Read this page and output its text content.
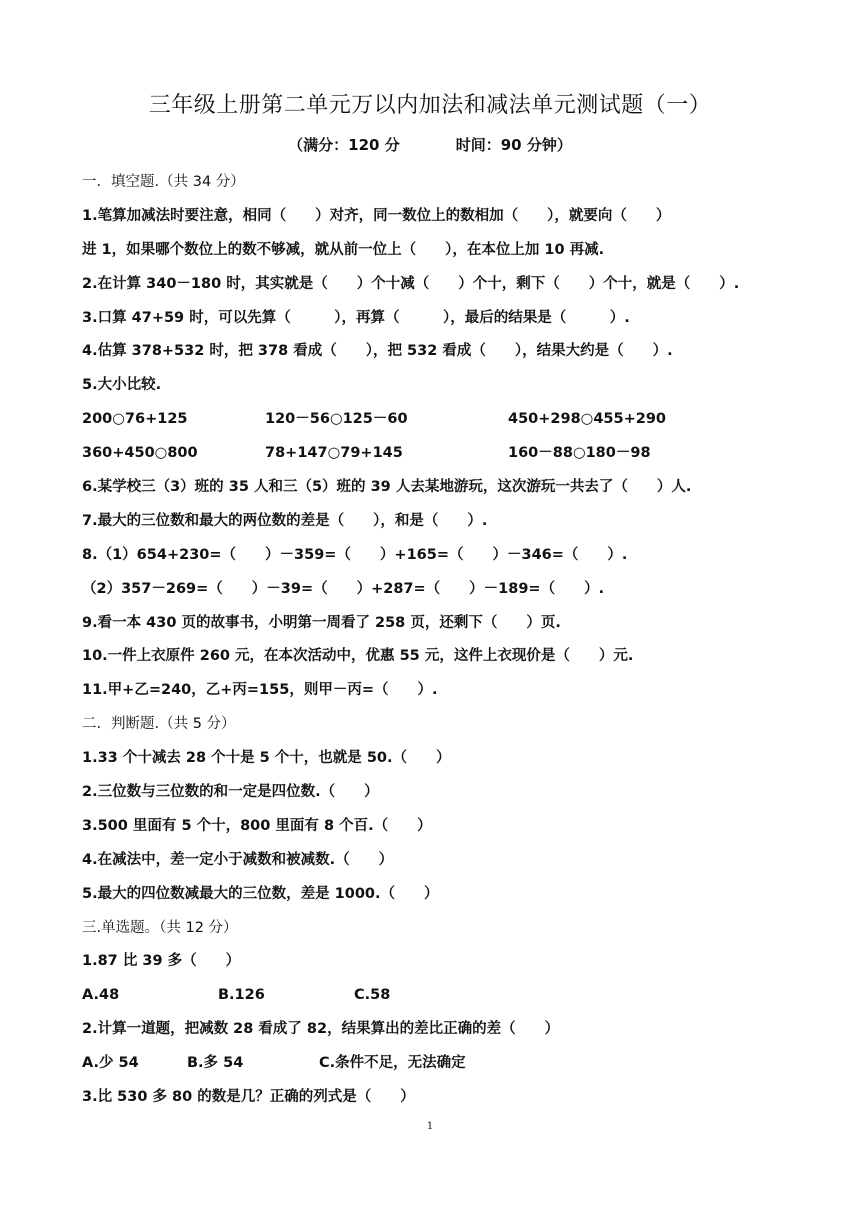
三年级上册第二单元万以内加法和减法单元测试题（一）
（满分：120 分	时间：90 分钟）
一．填空题.（共 34 分）
1.笔算加减法时要注意，相同（　　）对齐，同一数位上的数相加（　　），就要向（　　）
进 1，如果哪个数位上的数不够减，就从前一位上（　　），在本位上加 10 再减.
2.在计算 340－180 时，其实就是（　　）个十减（　　）个十，剩下（　　）个十，就是（　　）.
3.口算 47+59 时，可以先算（　　　），再算（　　　），最后的结果是（　　　）.
4.估算 378+532 时，把 378 看成（　　），把 532 看成（　　），结果大约是（　　）.
5.大小比较.
200○76+125	120－56○125－60	450+298○455+290
360+450○800	78+147○79+145	160－88○180－98
6.某学校三（3）班的 35 人和三（5）班的 39 人去某地游玩，这次游玩一共去了（　　）人.
7.最大的三位数和最大的两位数的差是（　　），和是（　　）.
8.（1）654+230=（　　）－359=（　　）+165=（　　）－346=（　　）.
（2）357－269=（　　）－39=（　　）+287=（　　）－189=（　　）.
9.看一本 430 页的故事书，小明第一周看了 258 页，还剩下（　　）页.
10.一件上衣原件 260 元，在本次活动中，优惠 55 元，这件上衣现价是（　　）元.
11.甲+乙=240，乙+丙=155，则甲－丙=（　　）.
二．判断题.（共 5 分）
1.33 个十减去 28 个十是 5 个十，也就是 50.（　　）
2.三位数与三位数的和一定是四位数.（　　）
3.500 里面有 5 个十，800 里面有 8 个百.（　　）
4.在减法中，差一定小于减数和被减数.（　　）
5.最大的四位数减最大的三位数，差是 1000.（　　）
三.单选题。（共 12 分）
1.87 比 39 多（　　）
A.48	B.126	C.58
2.计算一道题，把减数 28 看成了 82，结果算出的差比正确的差（　　）
A.少 54	B.多 54	C.条件不足，无法确定
3.比 530 多 80 的数是几？正确的列式是（　　）
1
